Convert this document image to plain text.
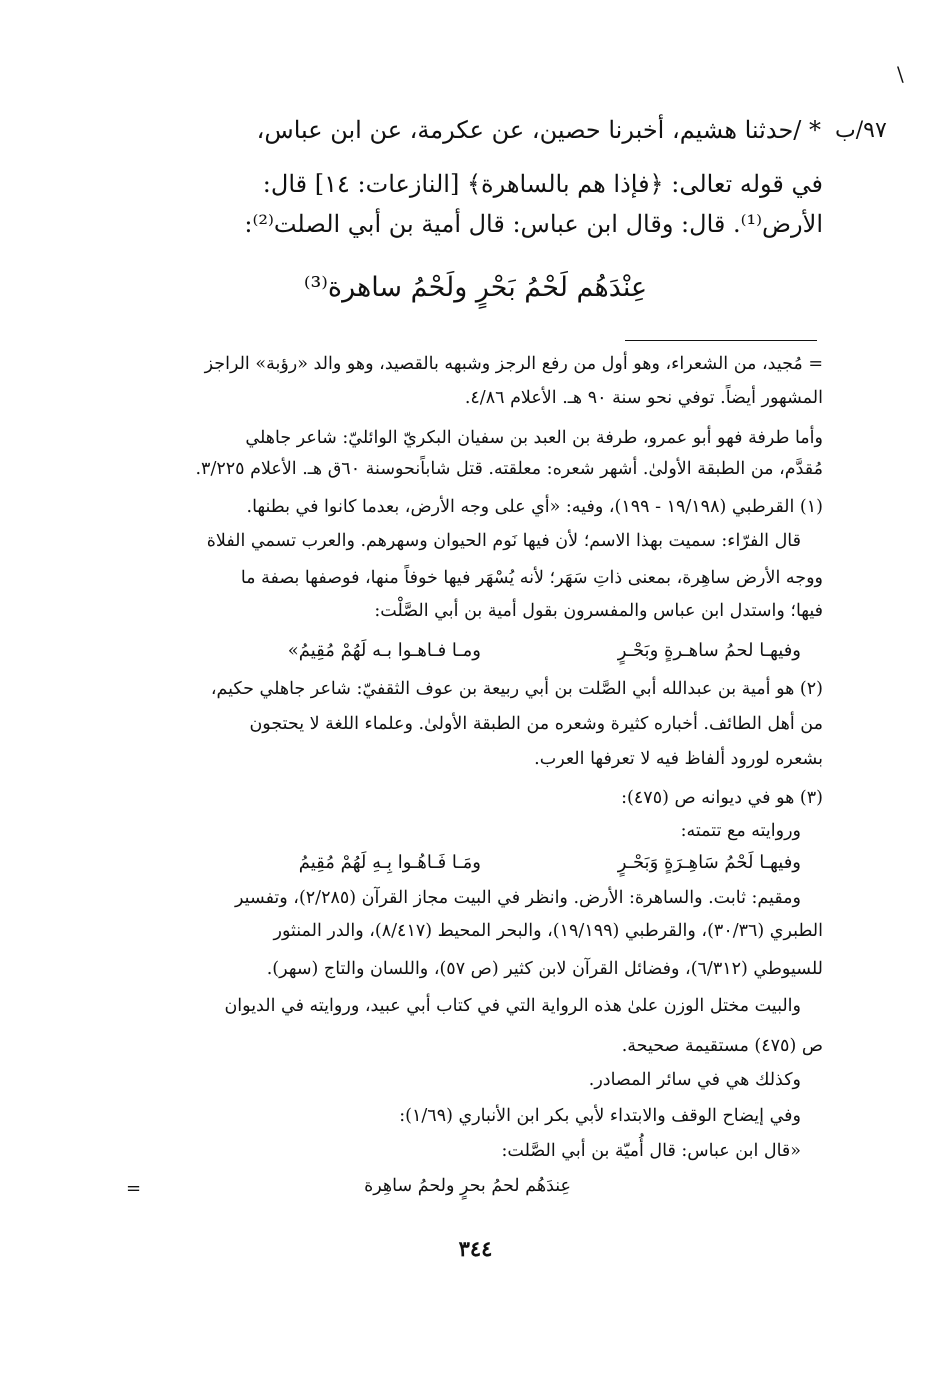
\
٩٧/ب
* /حدثنا هشيم، أخبرنا حصين، عن عكرمة، عن ابن عباس،
في قوله تعالى: ﴿فإذا هم بالساهرة﴾ [النازعات: ١٤] قال:
الأرض⁽¹⁾. قال: وقال ابن عباس: قال أمية بن أبي الصلت⁽²⁾:
عِنْدَهُم لَحْمُ بَحْرٍ ولَحْمُ ساهرة⁽³⁾
= مُجيد، من الشعراء، وهو أول من رفع الرجز وشبهه بالقصيد، وهو والد «رؤبة» الراجز
المشهور أيضاً. توفي نحو سنة ٩٠ هـ. الأعلام ٤/٨٦.
وأما طرفة فهو أبو عمرو، طرفة بن العبد بن سفيان البكريّ الوائليّ: شاعر جاهلي
مُقدَّم، من الطبقة الأولىٰ. أشهر شعره: معلقته. قتل شاباًنحوسنة ٦٠ق هـ. الأعلام ٣/٢٢٥.
(١) القرطبي (١٩/١٩٨ - ١٩٩)، وفيه: «أي على وجه الأرض، بعدما كانوا في بطنها.
قال الفرّاء: سميت بهذا الاسم؛ لأن فيها نَوم الحيوان وسهرهم. والعرب تسمي الفلاة
ووجه الأرض ساهِرة، بمعنى ذاتِ سَهَر؛ لأنه يُسْهَر فيها خوفاً منها، فوصفها بصفة ما
فيها؛ واستدل ابن عباس والمفسرون بقول أمية بن أبي الصَّلْت:
وفيهـا لحمُ ساهـرةٍ وبَحْـرٍ
ومـا فـاهـوا بـه لَهُمْ مُقِيمُ»
(٢) هو أمية بن عبدالله أبي الصَّلت بن أبي ربيعة بن عوف الثقفيّ: شاعر جاهلي حكيم،
من أهل الطائف. أخباره كثيرة وشعره من الطبقة الأولىٰ. وعلماء اللغة لا يحتجون
بشعره لورود ألفاظ فيه لا تعرفها العرب.
(٣) هو في ديوانه ص (٤٧٥):
وروايته مع تتمته:
وفيهـا لَحْمُ سَاهِـرَةٍ وَبَحْـرٍ
ومَـا فَـاهُـوا بِـهِ لَهُمْ مُقِيمُ
ومقيم: ثابت. والساهرة: الأرض. وانظر في البيت مجاز القرآن (٢/٢٨٥)، وتفسير
الطبري (٣٠/٣٦)، والقرطبي (١٩/١٩٩)، والبحر المحيط (٨/٤١٧)، والدر المنثور
للسيوطي (٦/٣١٢)، وفضائل القرآن لابن كثير (ص ٥٧)، واللسان والتاج (سهر).
والبيت مختل الوزن علىٰ هذه الرواية التي في كتاب أبي عبيد، وروايته في الديوان
ص (٤٧٥) مستقيمة صحيحة.
وكذلك هي في سائر المصادر.
وفي إيضاح الوقف والابتداء لأبي بكر ابن الأنباري (١/٦٩):
«قال ابن عباس: قال أُميّة بن أبي الصَّلت:
عِندَهُم لحمُ بحرٍ ولحمُ ساهِرة
=
٣٤٤
